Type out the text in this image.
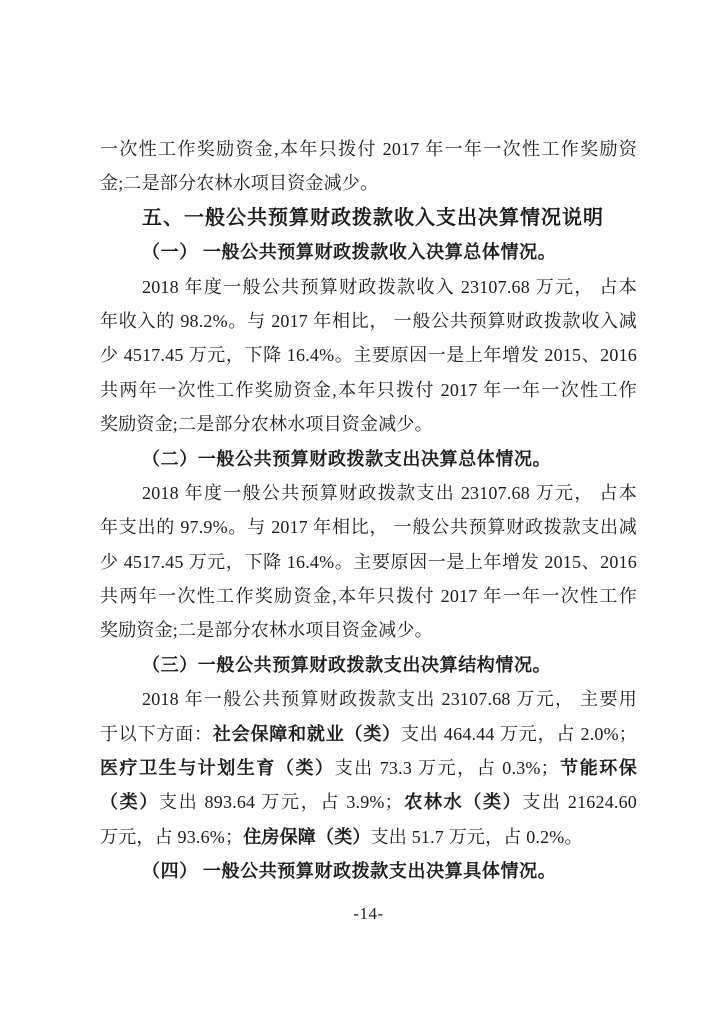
一次性工作奖励资金,本年只拨付 2017 年一年一次性工作奖励资
金;二是部分农林水项目资金减少。
五、一般公共预算财政拨款收入支出决算情况说明
（一） 一般公共预算财政拨款收入决算总体情况。
2018 年度一般公共预算财政拨款收入 23107.68 万元， 占本
年收入的 98.2%。与 2017 年相比， 一般公共预算财政拨款收入减
少 4517.45 万元，下降 16.4%。主要原因一是上年增发 2015、2016
共两年一次性工作奖励资金,本年只拨付 2017 年一年一次性工作
奖励资金;二是部分农林水项目资金减少。
（二）一般公共预算财政拨款支出决算总体情况。
2018 年度一般公共预算财政拨款支出 23107.68 万元， 占本
年支出的 97.9%。与 2017 年相比， 一般公共预算财政拨款支出减
少 4517.45 万元，下降 16.4%。主要原因一是上年增发 2015、2016
共两年一次性工作奖励资金,本年只拨付 2017 年一年一次性工作
奖励资金;二是部分农林水项目资金减少。
（三）一般公共预算财政拨款支出决算结构情况。
2018 年一般公共预算财政拨款支出 23107.68 万元， 主要用
于以下方面：社会保障和就业（类）支出 464.44 万元，占 2.0%；
医疗卫生与计划生育（类）支出 73.3 万元，占 0.3%；节能环保
（类）支出 893.64 万元，占 3.9%；农林水（类）支出 21624.60
万元，占 93.6%；住房保障（类）支出 51.7 万元，占 0.2%。
（四） 一般公共预算财政拨款支出决算具体情况。
-14-
